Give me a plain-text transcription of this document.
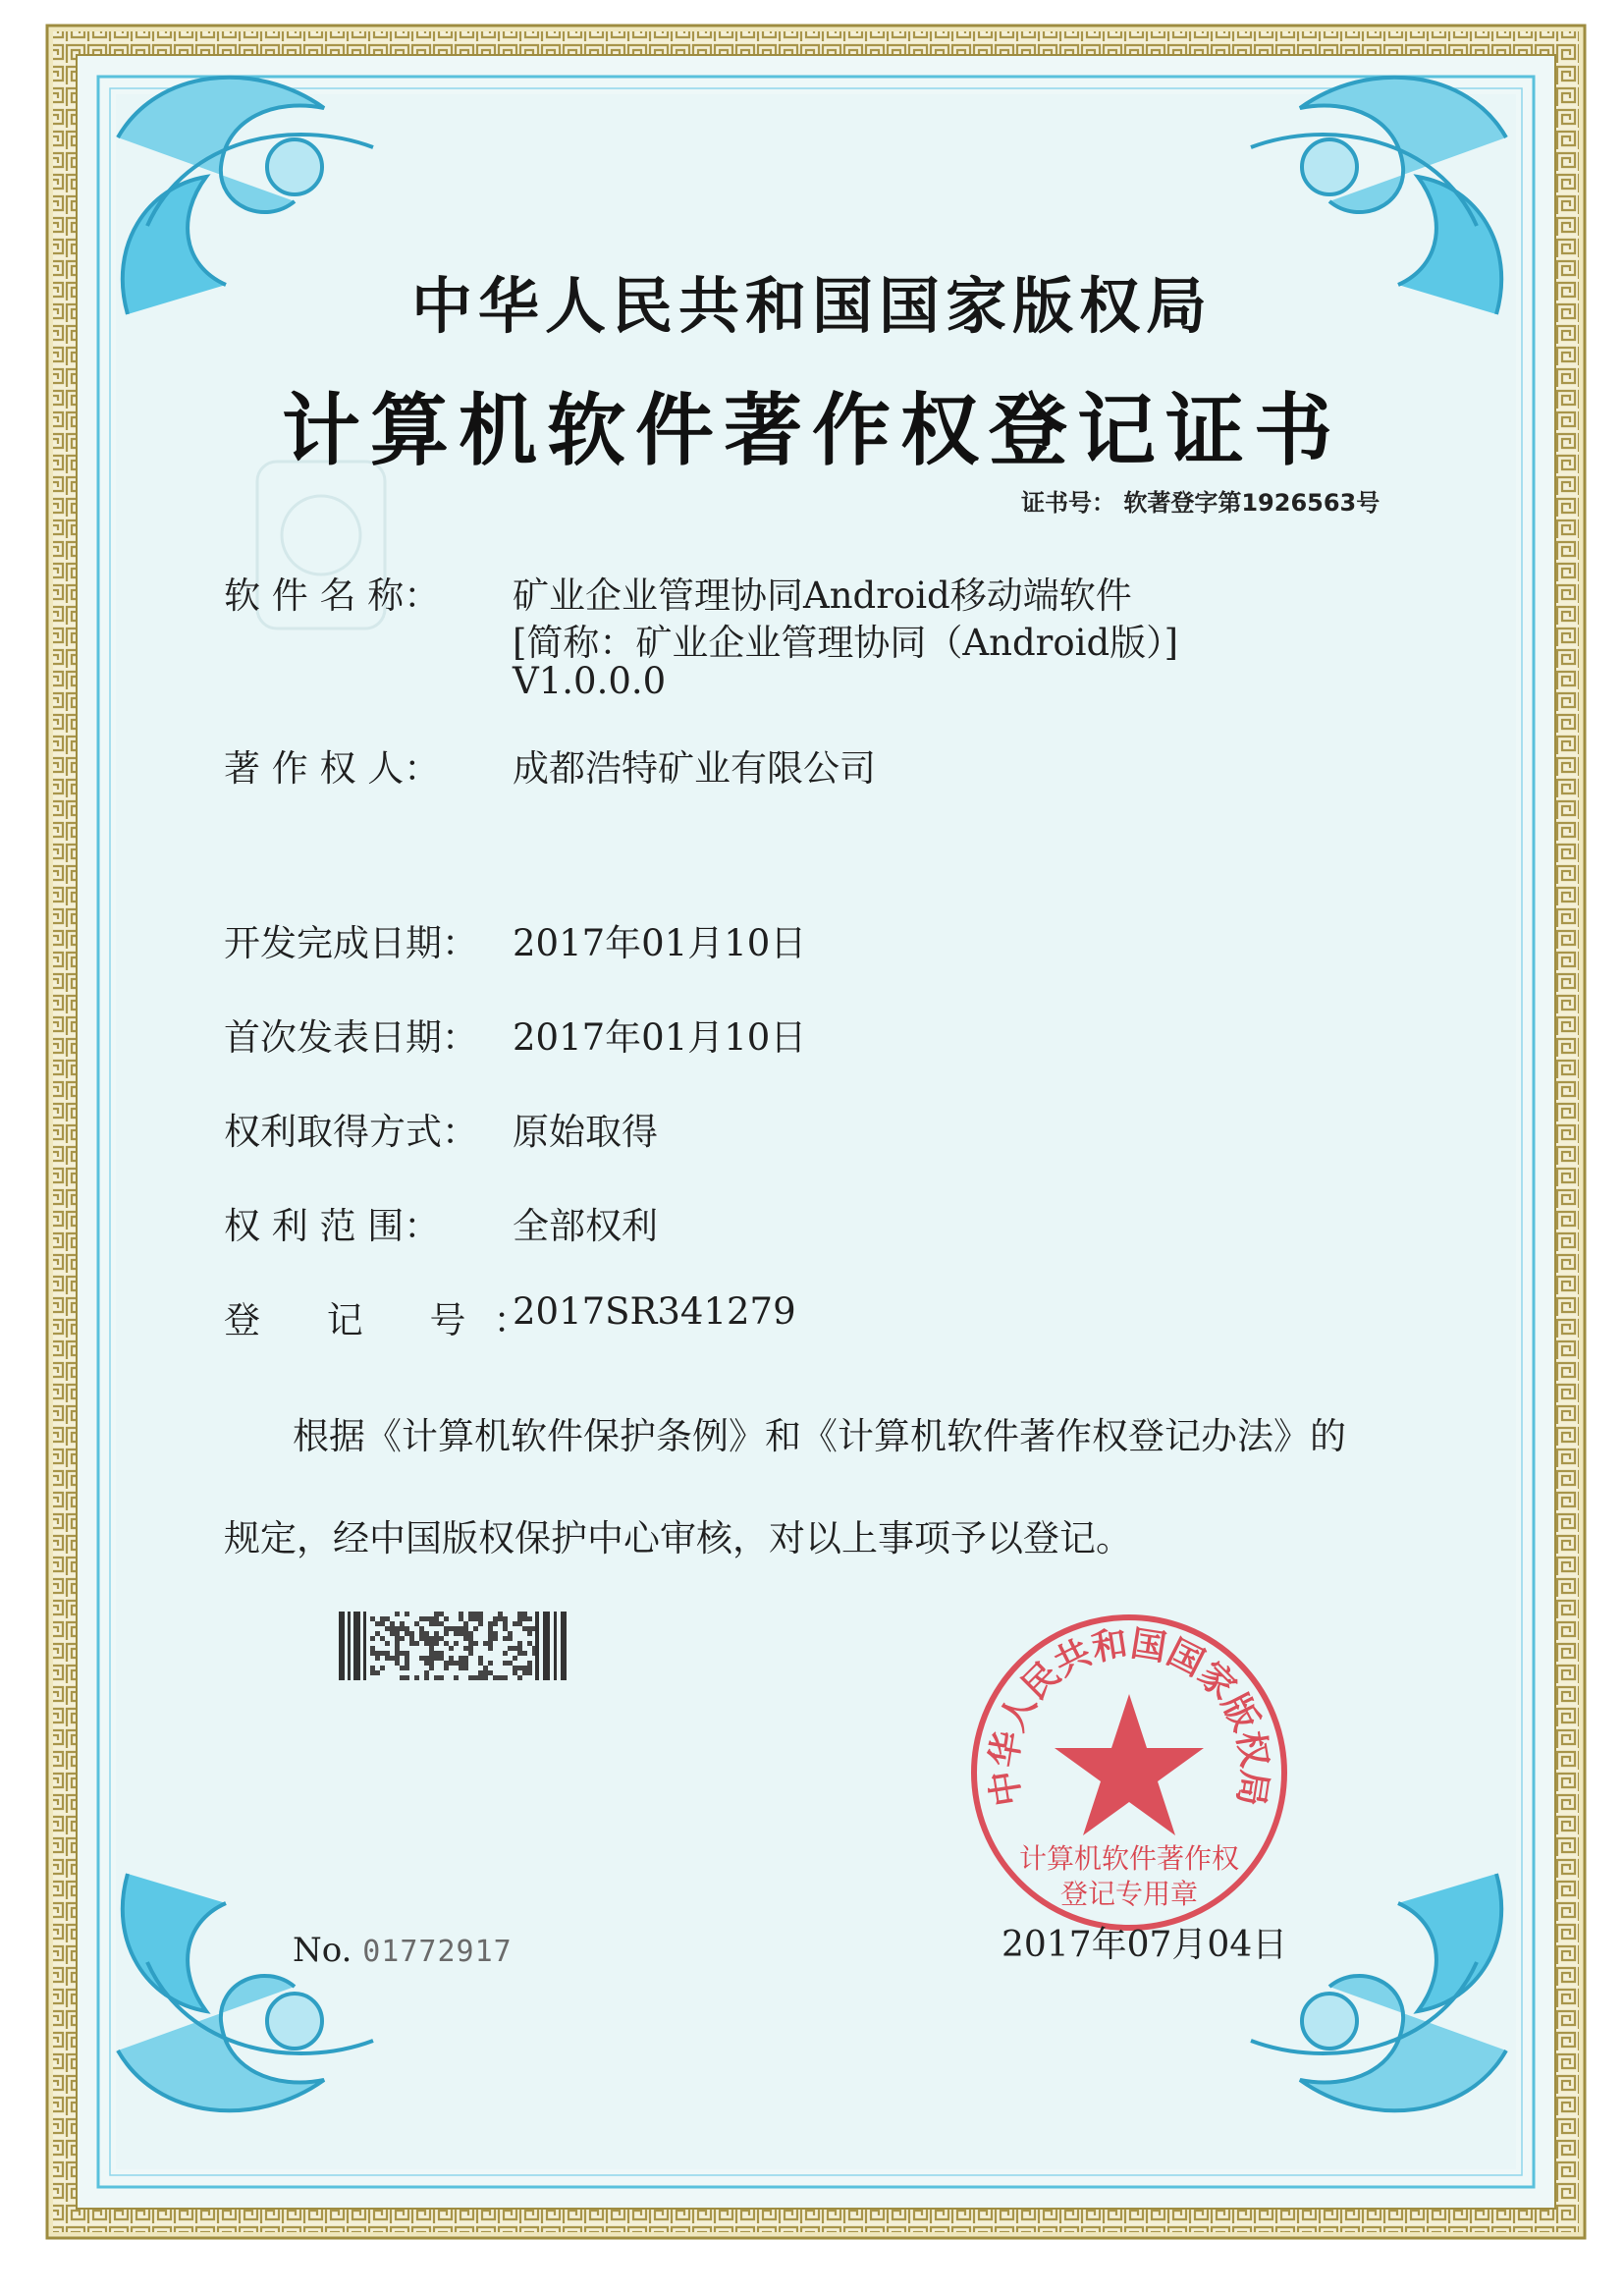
中华人民共和国国家版权局
计算机软件著作权登记证书
证书号： 软著登字第1926563号
软 件 名 称： 矿业企业管理协同Android移动端软件
[简称：矿业企业管理协同（Android版）]
V1.0.0.0
著 作 权 人： 成都浩特矿业有限公司
开发完成日期： 2017年01月10日
首次发表日期： 2017年01月10日
权利取得方式： 原始取得
权 利 范 围： 全部权利
登 记 号：
2017SR341279
根据《计算机软件保护条例》和《计算机软件著作权登记办法》的
规定，经中国版权保护中心审核，对以上事项予以登记。
中华人民共和国国家版权局
计算机软件著作权
登记专用章
No. 01772917	2017年07月04日
